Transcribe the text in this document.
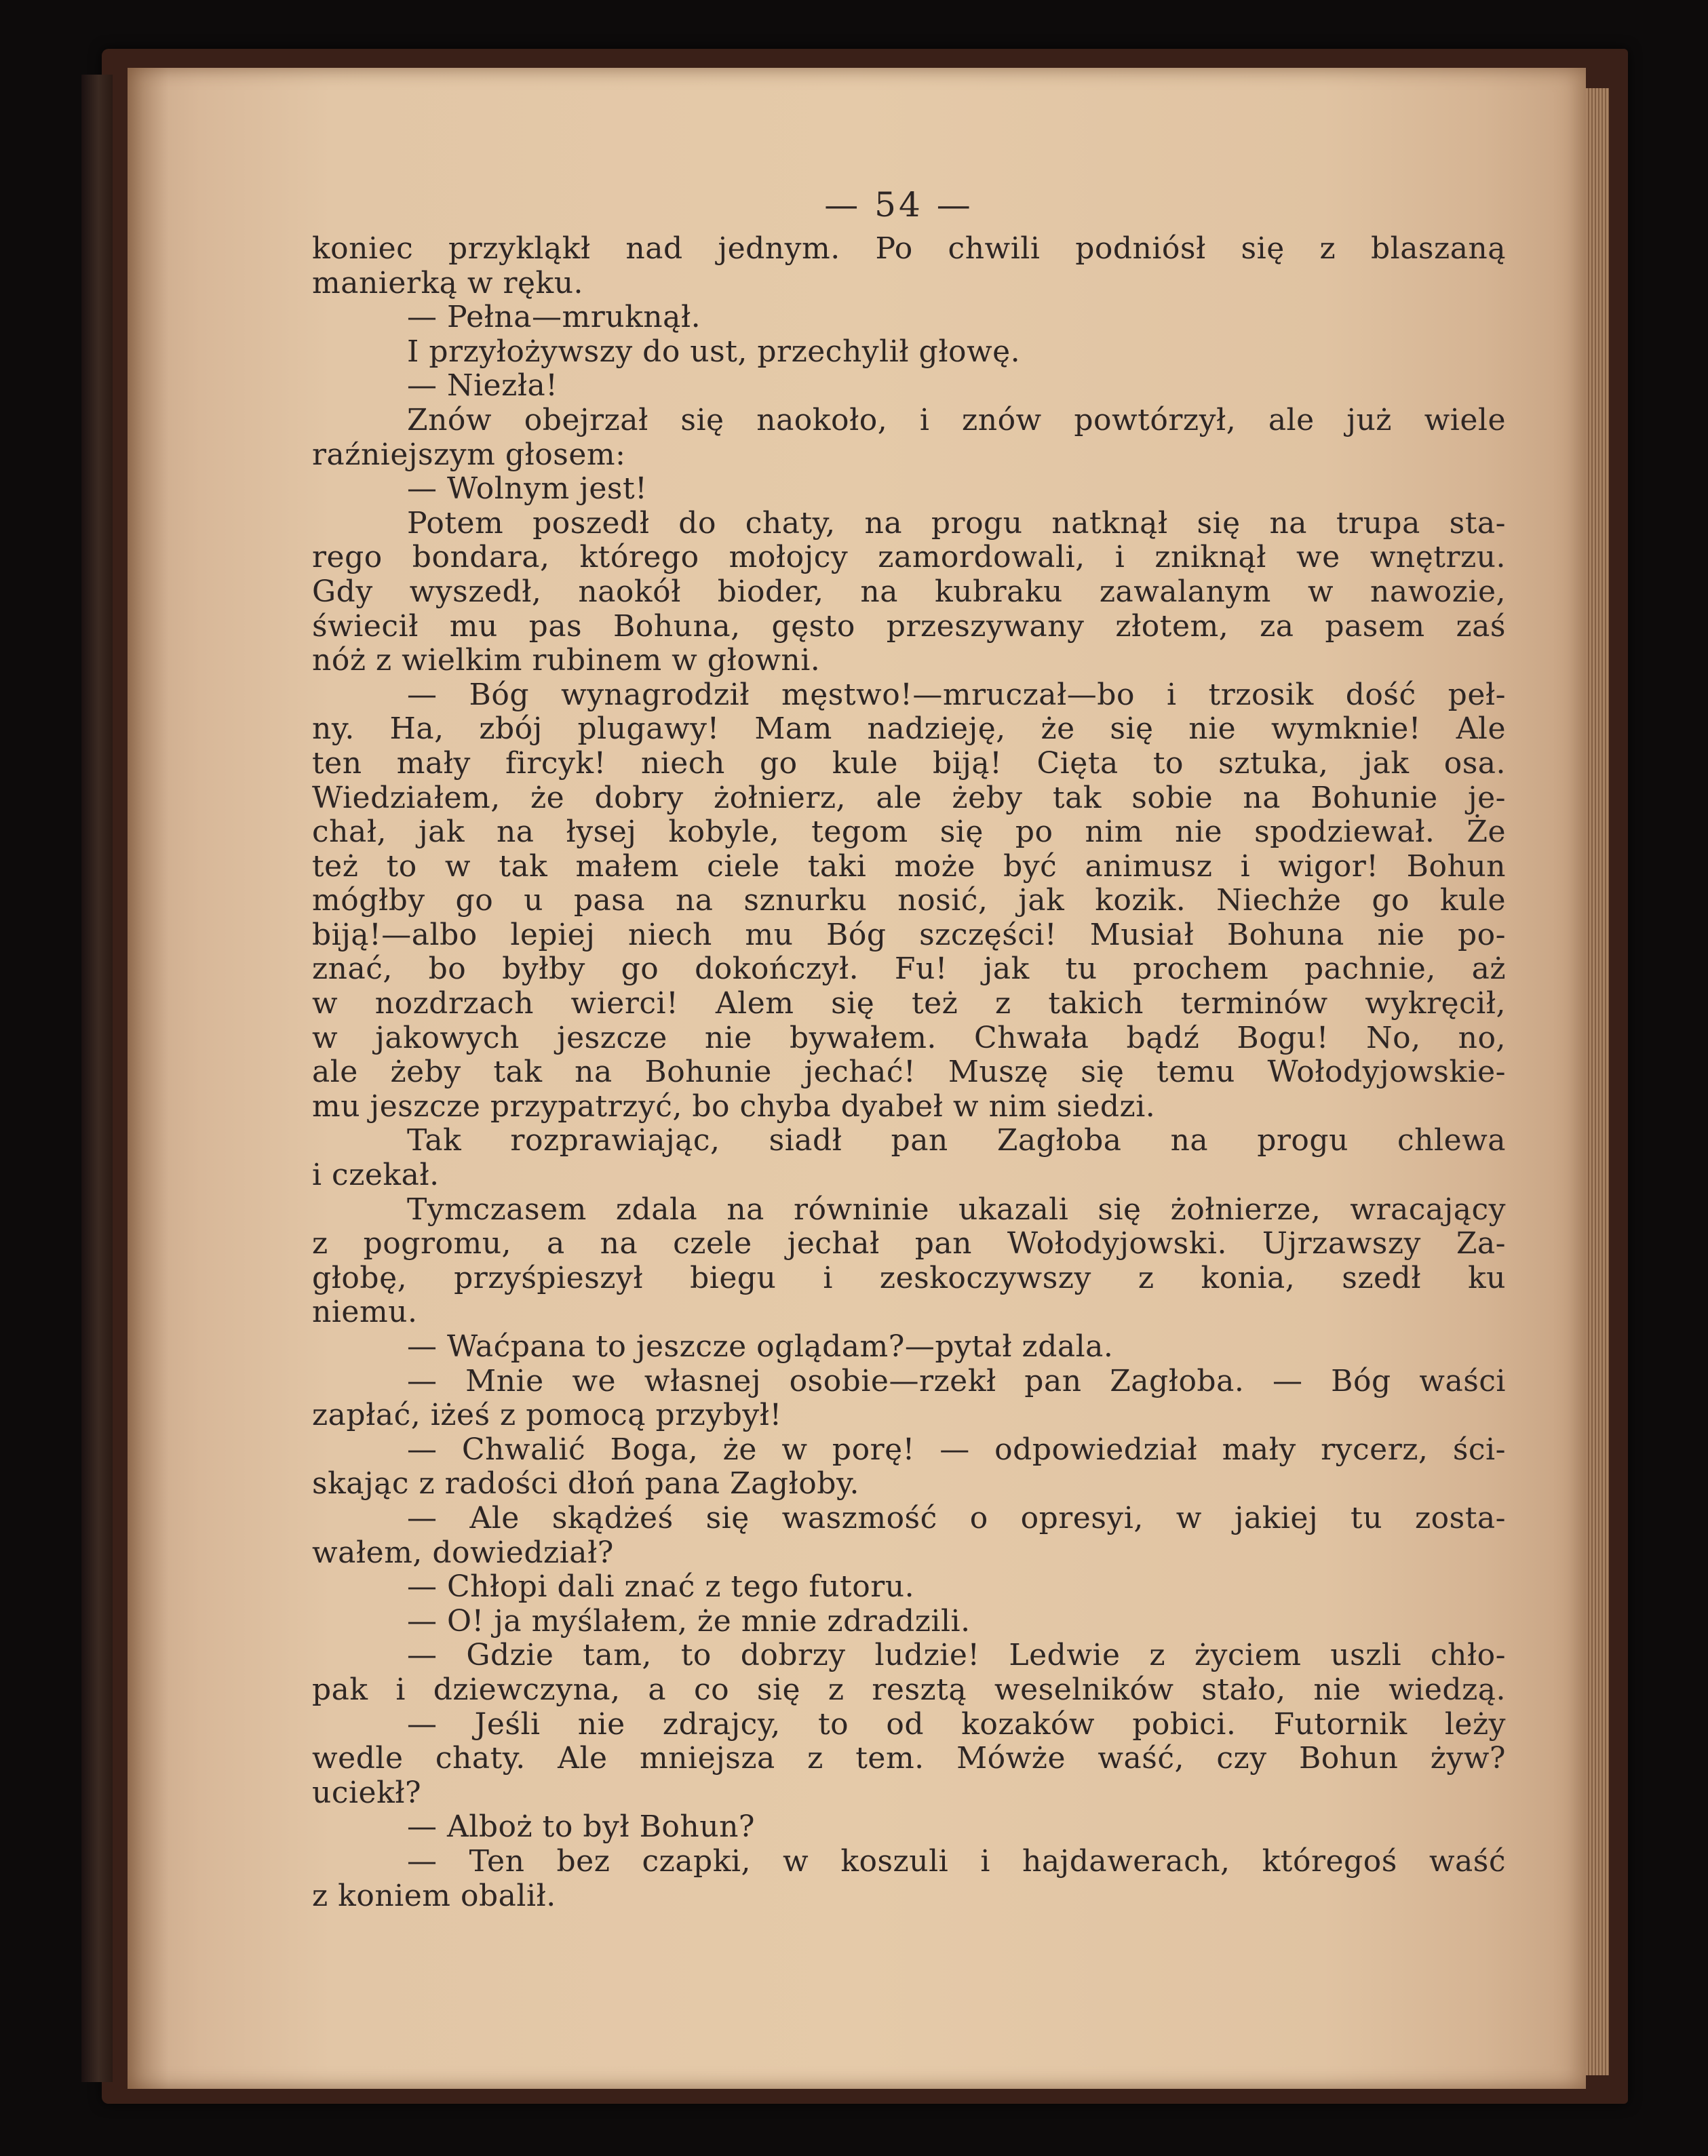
— 54 —
koniec przykląkł nad jednym. Po chwili podniósł się z blaszaną
manierką w ręku.
— Pełna—mruknął.
I przyłożywszy do ust, przechylił głowę.
— Niezła!
Znów obejrzał się naokoło, i znów powtórzył, ale już wiele
raźniejszym głosem:
— Wolnym jest!
Potem poszedł do chaty, na progu natknął się na trupa sta-
rego bondara, którego mołojcy zamordowali, i zniknął we wnętrzu.
Gdy wyszedł, naokół bioder, na kubraku zawalanym w nawozie,
świecił mu pas Bohuna, gęsto przeszywany złotem, za pasem zaś
nóż z wielkim rubinem w głowni.
— Bóg wynagrodził męstwo!—mruczał—bo i trzosik dość peł-
ny. Ha, zbój plugawy! Mam nadzieję, że się nie wymknie! Ale
ten mały fircyk! niech go kule biją! Cięta to sztuka, jak osa.
Wiedziałem, że dobry żołnierz, ale żeby tak sobie na Bohunie je-
chał, jak na łysej kobyle, tegom się po nim nie spodziewał. Że
też to w tak małem ciele taki może być animusz i wigor! Bohun
mógłby go u pasa na sznurku nosić, jak kozik. Niechże go kule
biją!—albo lepiej niech mu Bóg szczęści! Musiał Bohuna nie po-
znać, bo byłby go dokończył. Fu! jak tu prochem pachnie, aż
w nozdrzach wierci! Alem się też z takich terminów wykręcił,
w jakowych jeszcze nie bywałem. Chwała bądź Bogu! No, no,
ale żeby tak na Bohunie jechać! Muszę się temu Wołodyjowskie-
mu jeszcze przypatrzyć, bo chyba dyabeł w nim siedzi.
Tak rozprawiając, siadł pan Zagłoba na progu chlewa
i czekał.
Tymczasem zdala na równinie ukazali się żołnierze, wracający
z pogromu, a na czele jechał pan Wołodyjowski. Ujrzawszy Za-
głobę, przyśpieszył biegu i zeskoczywszy z konia, szedł ku
niemu.
— Waćpana to jeszcze oglądam?—pytał zdala.
— Mnie we własnej osobie—rzekł pan Zagłoba. — Bóg waści
zapłać, iżeś z pomocą przybył!
— Chwalić Boga, że w porę! — odpowiedział mały rycerz, ści-
skając z radości dłoń pana Zagłoby.
— Ale skądżeś się waszmość o opresyi, w jakiej tu zosta-
wałem, dowiedział?
— Chłopi dali znać z tego futoru.
— O! ja myślałem, że mnie zdradzili.
— Gdzie tam, to dobrzy ludzie! Ledwie z życiem uszli chło-
pak i dziewczyna, a co się z resztą weselników stało, nie wiedzą.
— Jeśli nie zdrajcy, to od kozaków pobici. Futornik leży
wedle chaty. Ale mniejsza z tem. Mówże waść, czy Bohun żyw?
uciekł?
— Alboż to był Bohun?
— Ten bez czapki, w koszuli i hajdawerach, któregoś waść
z koniem obalił.
